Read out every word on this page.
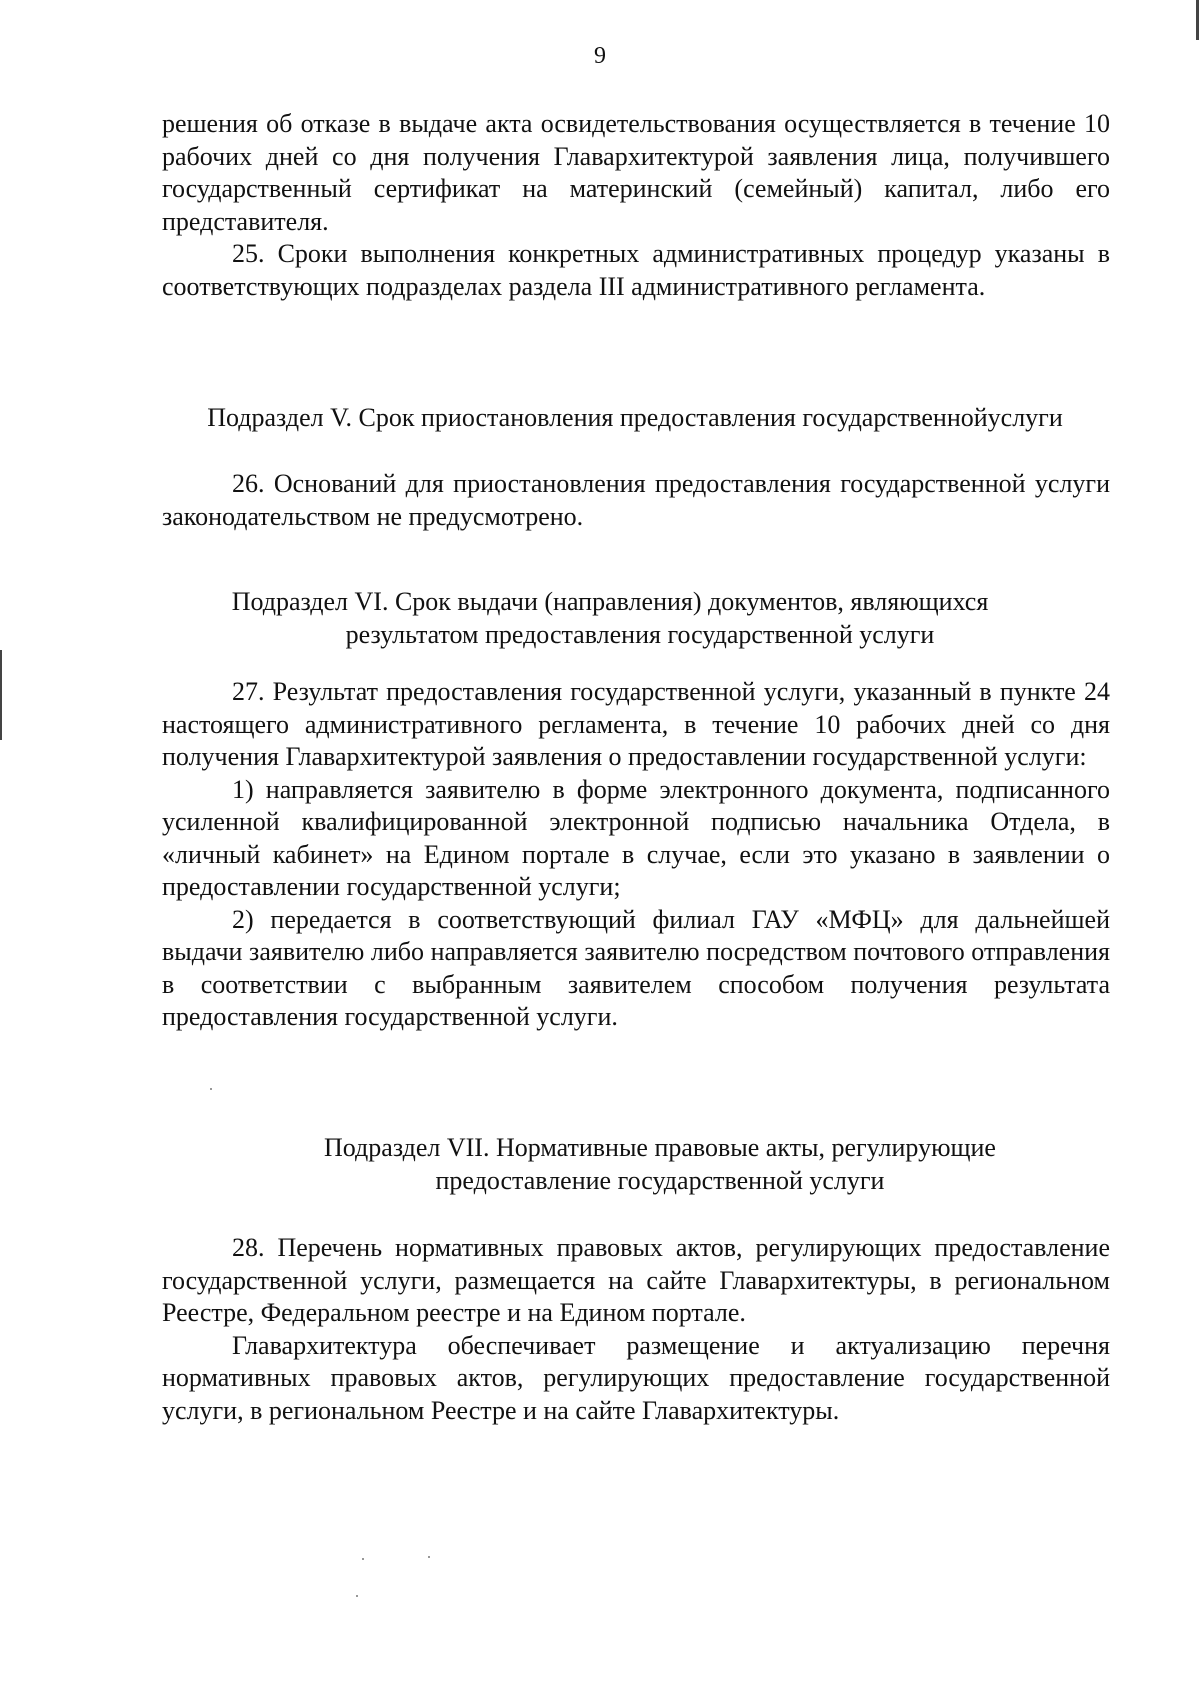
9

решения об отказе в выдаче акта освидетельствования осуществляется в течение 10 рабочих дней со дня получения Главархитектурой заявления лица, получившего государственный сертификат на материнский (семейный) капитал, либо его представителя.

25. Сроки выполнения конкретных административных процедур указаны в соответствующих подразделах раздела III административного регламента.

Подраздел V. Срок приостановления предоставления государственнойуслуги

26. Оснований для приостановления предоставления государственной услуги законодательством не предусмотрено.

Подраздел VI. Срок выдачи (направления) документов, являющихся
результатом предоставления государственной услуги

27. Результат предоставления государственной услуги, указанный в пункте 24 настоящего административного регламента, в течение 10 рабочих дней со дня получения Главархитектурой заявления о предоставлении государственной услуги:

1) направляется заявителю в форме электронного документа, подписанного усиленной квалифицированной электронной подписью начальника Отдела, в «личный кабинет» на Едином портале в случае, если это указано в заявлении о предоставлении государственной услуги;

2) передается в соответствующий филиал ГАУ «МФЦ» для дальнейшей выдачи заявителю либо направляется заявителю посредством почтового отправления в соответствии с выбранным заявителем способом получения результата предоставления государственной услуги.

Подраздел VII. Нормативные правовые акты, регулирующие
предоставление государственной услуги

28. Перечень нормативных правовых актов, регулирующих предоставление государственной услуги, размещается на сайте Главархитектуры, в региональном Реестре, Федеральном реестре и на Едином портале.

Главархитектура обеспечивает размещение и актуализацию перечня нормативных правовых актов, регулирующих предоставление государственной услуги, в региональном Реестре и на сайте Главархитектуры.
